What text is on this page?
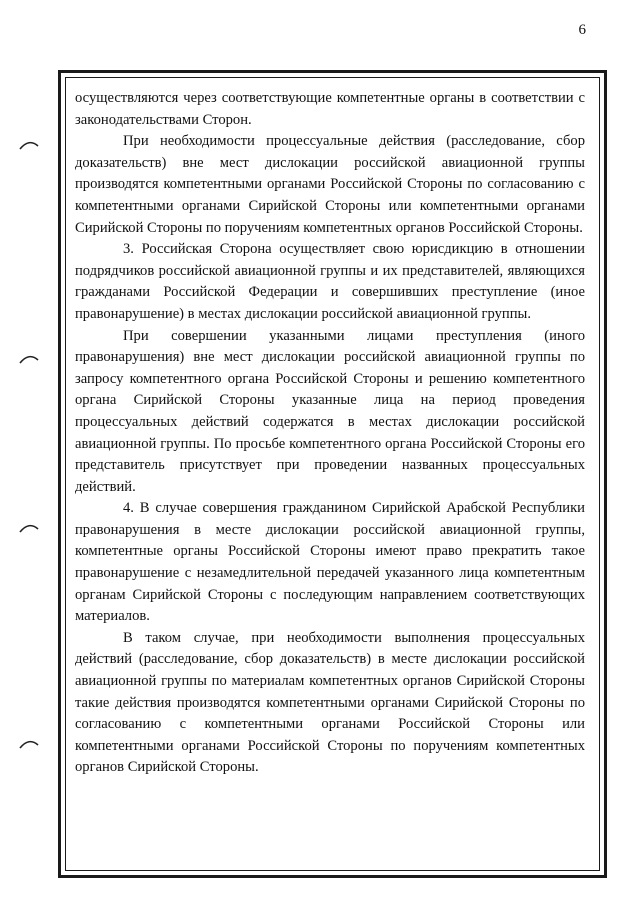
6

осуществляются через соответствующие компетентные органы в соответствии с законодательствами Сторон.

При необходимости процессуальные действия (расследование, сбор доказательств) вне мест дислокации российской авиационной группы производятся компетентными органами Российской Стороны по согласованию с компетентными органами Сирийской Стороны или компетентными органами Сирийской Стороны по поручениям компетентных органов Российской Стороны.

3. Российская Сторона осуществляет свою юрисдикцию в отношении подрядчиков российской авиационной группы и их представителей, являющихся гражданами Российской Федерации и совершивших преступление (иное правонарушение) в местах дислокации российской авиационной группы.

При совершении указанными лицами преступления (иного правонарушения) вне мест дислокации российской авиационной группы по запросу компетентного органа Российской Стороны и решению компетентного органа Сирийской Стороны указанные лица на период проведения процессуальных действий содержатся в местах дислокации российской авиационной группы. По просьбе компетентного органа Российской Стороны его представитель присутствует при проведении названных процессуальных действий.

4. В случае совершения гражданином Сирийской Арабской Республики правонарушения в месте дислокации российской авиационной группы, компетентные органы Российской Стороны имеют право прекратить такое правонарушение с незамедлительной передачей указанного лица компетентным органам Сирийской Стороны с последующим направлением соответствующих материалов.

В таком случае, при необходимости выполнения процессуальных действий (расследование, сбор доказательств) в месте дислокации российской авиационной группы по материалам компетентных органов Сирийской Стороны такие действия производятся компетентными органами Сирийской Стороны по согласованию с компетентными органами Российской Стороны или компетентными органами Российской Стороны по поручениям компетентных органов Сирийской Стороны.
